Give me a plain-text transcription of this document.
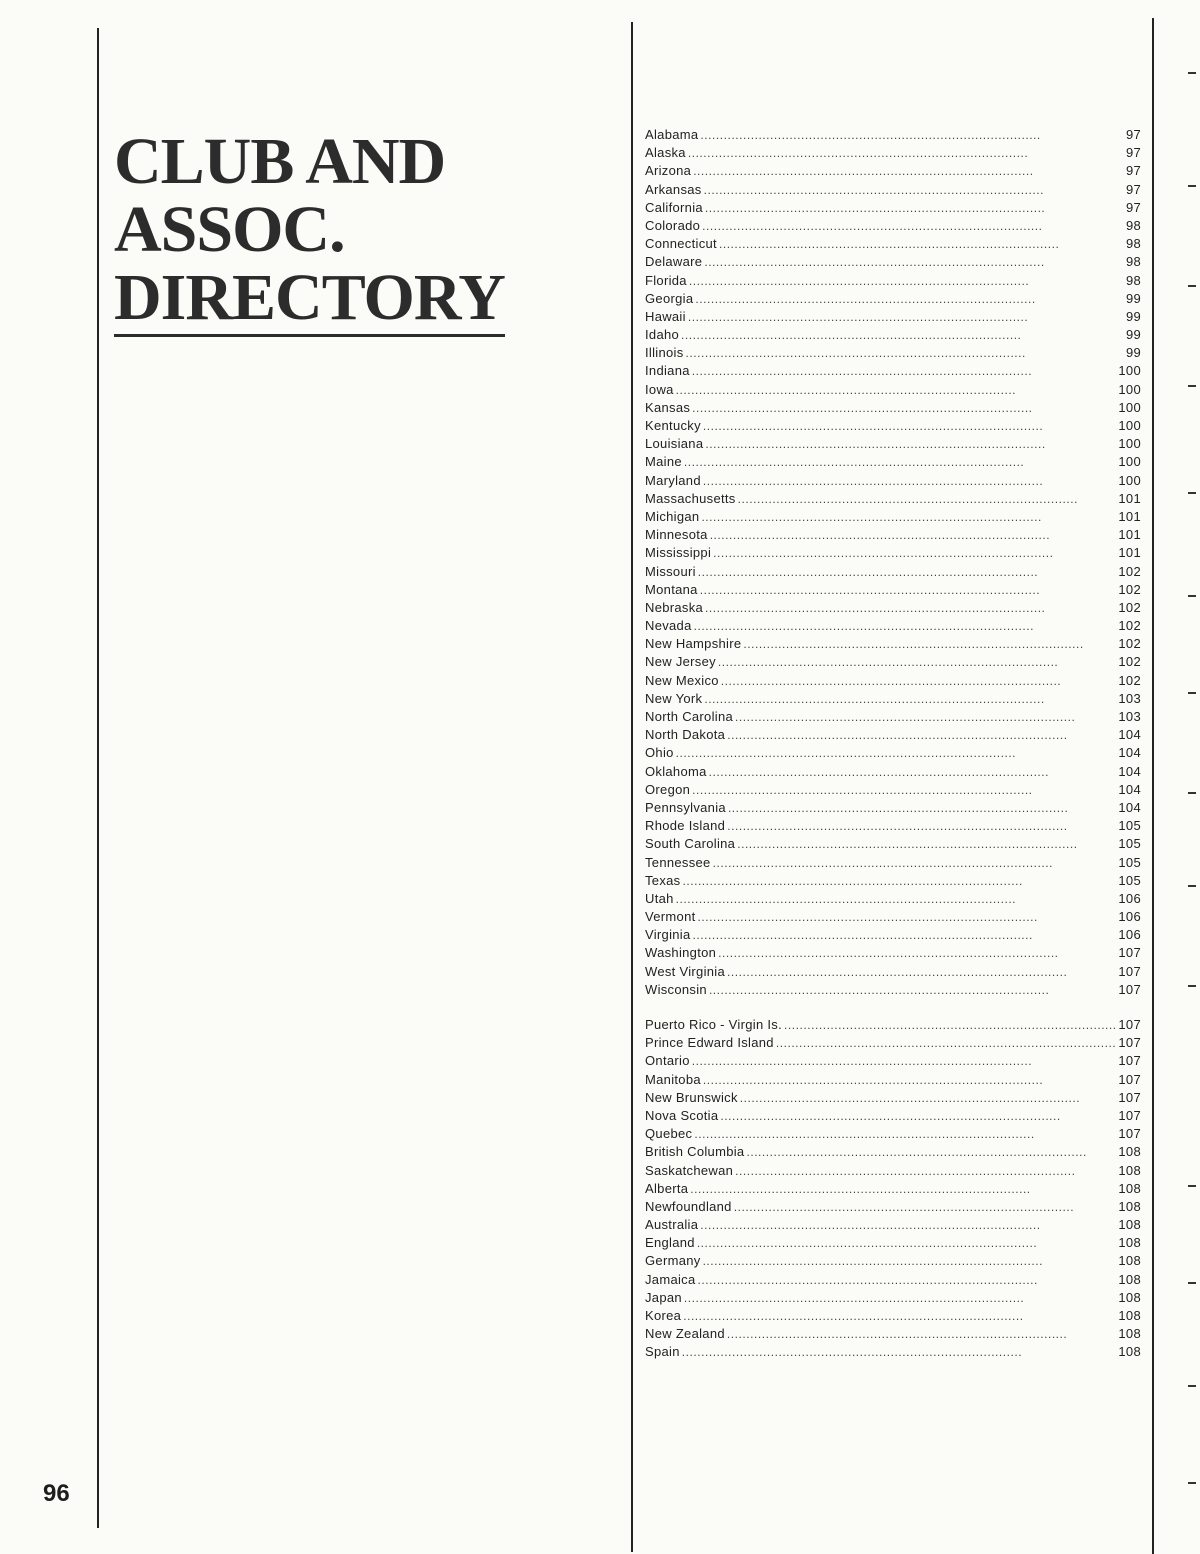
CLUB AND
ASSOC.
DIRECTORY
96
Alabama . . .	97
Alaska . . .	97
Arizona . . .	97
Arkansas . . .	97
California . . .	97
Colorado . . .	98
Connecticut . . .	98
Delaware . . .	98
Florida . . .	98
Georgia . . .	99
Hawaii . . .	99
Idaho . . .	99
Illinois . . .	99
Indiana . . .	100
Iowa . . .	100
Kansas . . .	100
Kentucky . . .	100
Louisiana . . .	100
Maine . . .	100
Maryland . . .	100
Massachusetts . . .	101
Michigan . . .	101
Minnesota . . .	101
Mississippi . . .	101
Missouri . . .	102
Montana . . .	102
Nebraska . . .	102
Nevada . . .	102
New Hampshire . . .	102
New Jersey . . .	102
New Mexico . . .	102
New York . . .	103
North Carolina . . .	103
North Dakota . . .	104
Ohio . . .	104
Oklahoma . . .	104
Oregon . . .	104
Pennsylvania . . .	104
Rhode Island . . .	105
South Carolina . . .	105
Tennessee . . .	105
Texas . . .	105
Utah . . .	106
Vermont . . .	106
Virginia . . .	106
Washington . . .	107
West Virginia . . .	107
Wisconsin . . .	107
Puerto Rico - Virgin Is. . . .	107
Prince Edward Island . . .	107
Ontario . . .	107
Manitoba . . .	107
New Brunswick . . .	107
Nova Scotia . . .	107
Quebec . . .	107
British Columbia . . .	108
Saskatchewan . . .	108
Alberta . . .	108
Newfoundland . . .	108
Australia . . .	108
England . . .	108
Germany . . .	108
Jamaica . . .	108
Japan . . .	108
Korea . . .	108
New Zealand . . .	108
Spain . . .	108
